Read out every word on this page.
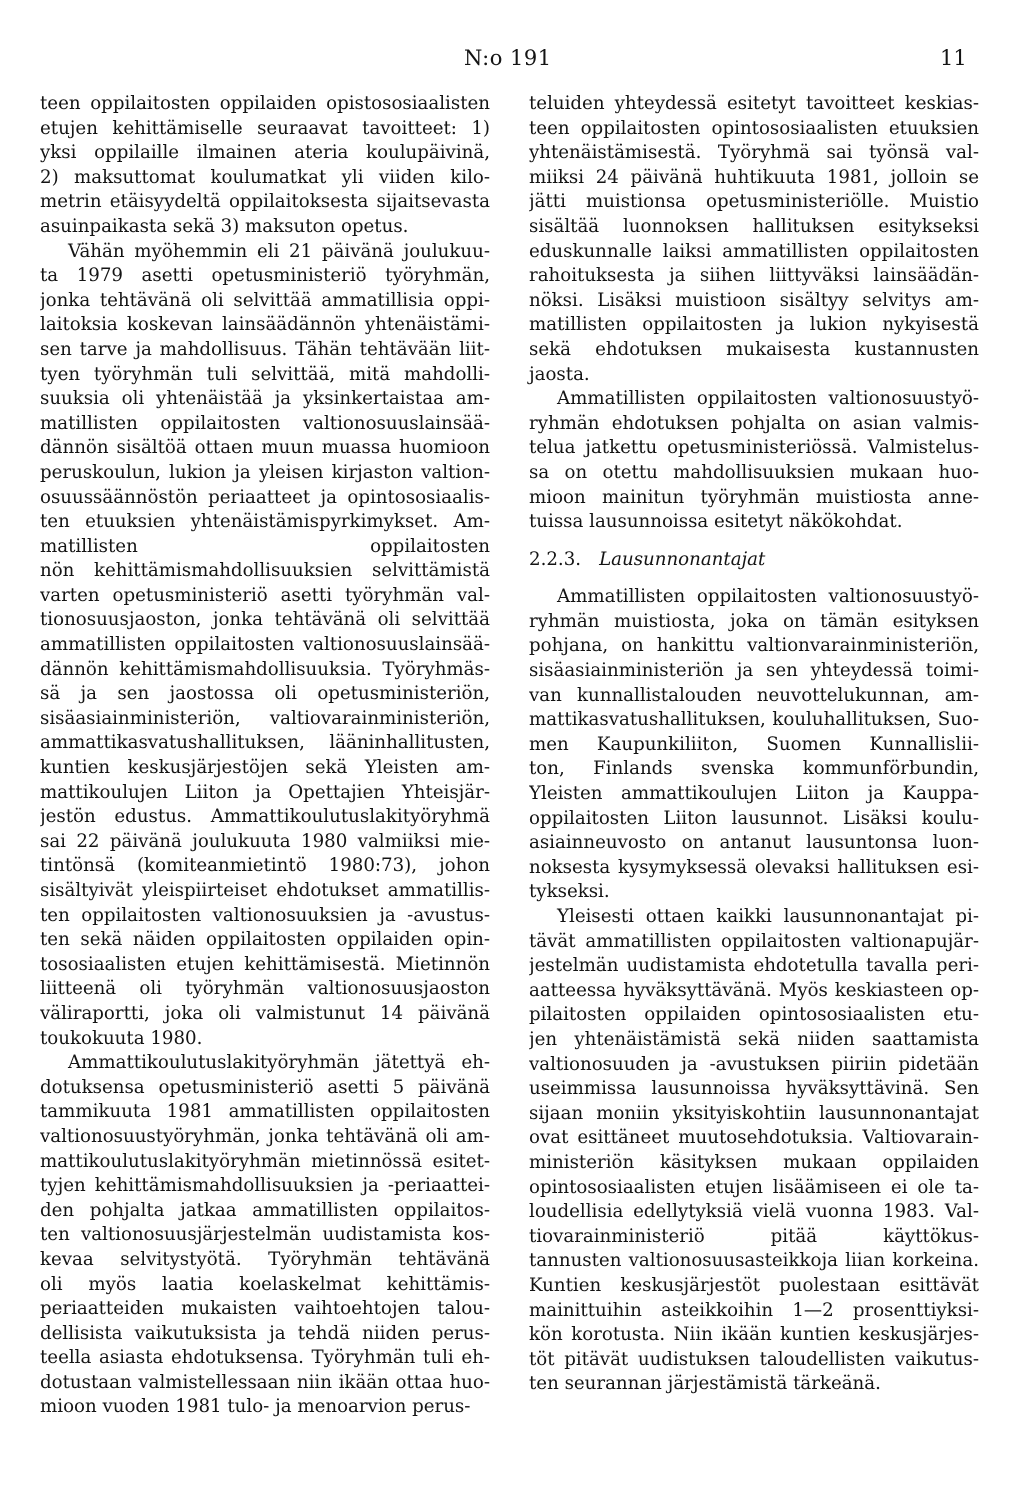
N:o 191	11
teen oppilaitosten oppilaiden opistososiaalisten
etujen kehittämiselle seuraavat tavoitteet: 1)
yksi oppilaille ilmainen ateria koulupäivinä,
2) maksuttomat koulumatkat yli viiden kilo-
metrin etäisyydeltä oppilaitoksesta sijaitsevasta
asuinpaikasta sekä 3) maksuton opetus.
Vähän myöhemmin eli 21 päivänä joulukuu-
ta 1979 asetti opetusministeriö työryhmän,
jonka tehtävänä oli selvittää ammatillisia oppi-
laitoksia koskevan lainsäädännön yhtenäistämi-
sen tarve ja mahdollisuus. Tähän tehtävään liit-
tyen työryhmän tuli selvittää, mitä mahdolli-
suuksia oli yhtenäistää ja yksinkertaistaa am-
matillisten oppilaitosten valtionosuuslainsää-
dännön sisältöä ottaen muun muassa huomioon
peruskoulun, lukion ja yleisen kirjaston valtion-
osuussäännöstön periaatteet ja opintososiaalis-
ten etuuksien yhtenäistämispyrkimykset. Am-
matillisten oppilaitosten
nön kehittämismahdollisuuksien selvittämistä
varten opetusministeriö asetti työryhmän val-
tionosuusjaoston, jonka tehtävänä oli selvittää
ammatillisten oppilaitosten valtionosuuslainsää-
dännön kehittämismahdollisuuksia. Työryhmäs-
sä ja sen jaostossa oli opetusministeriön,
sisäasiainministeriön, valtiovarainministeriön,
ammattikasvatushallituksen, lääninhallitusten,
kuntien keskusjärjestöjen sekä Yleisten am-
mattikoulujen Liiton ja Opettajien Yhteisjär-
jestön edustus. Ammattikoulutuslakityöryhmä
sai 22 päivänä joulukuuta 1980 valmiiksi mie-
tintönsä (komiteanmietintö 1980:73), johon
sisältyivät yleispiirteiset ehdotukset ammatillis-
ten oppilaitosten valtionosuuksien ja -avustus-
ten sekä näiden oppilaitosten oppilaiden opin-
tososiaalisten etujen kehittämisestä. Mietinnön
liitteenä oli työryhmän valtionosuusjaoston
väliraportti, joka oli valmistunut 14 päivänä
toukokuuta 1980.
Ammattikoulutuslakityöryhmän jätettyä eh-
dotuksensa opetusministeriö asetti 5 päivänä
tammikuuta 1981 ammatillisten oppilaitosten
valtionosuustyöryhmän, jonka tehtävänä oli am-
mattikoulutuslakityöryhmän mietinnössä esitet-
tyjen kehittämismahdollisuuksien ja -periaattei-
den pohjalta jatkaa ammatillisten oppilaitos-
ten valtionosuusjärjestelmän uudistamista kos-
kevaa selvitystyötä. Työryhmän tehtävänä
oli myös laatia koelaskelmat kehittämis-
periaatteiden mukaisten vaihtoehtojen talou-
dellisista vaikutuksista ja tehdä niiden perus-
teella asiasta ehdotuksensa. Työryhmän tuli eh-
dotustaan valmistellessaan niin ikään ottaa huo-
mioon vuoden 1981 tulo- ja menoarvion perus-
teluiden yhteydessä esitetyt tavoitteet keskias-
teen oppilaitosten opintososiaalisten etuuksien
yhtenäistämisestä. Työryhmä sai työnsä val-
miiksi 24 päivänä huhtikuuta 1981, jolloin se
jätti muistionsa opetusministeriölle. Muistio
sisältää luonnoksen hallituksen esitykseksi
eduskunnalle laiksi ammatillisten oppilaitosten
rahoituksesta ja siihen liittyväksi lainsäädän-
nöksi. Lisäksi muistioon sisältyy selvitys am-
matillisten oppilaitosten ja lukion nykyisestä
sekä ehdotuksen mukaisesta kustannusten
jaosta.
Ammatillisten oppilaitosten valtionosuustyö-
ryhmän ehdotuksen pohjalta on asian valmis-
telua jatkettu opetusministeriössä. Valmistelus-
sa on otettu mahdollisuuksien mukaan huo-
mioon mainitun työryhmän muistiosta anne-
tuissa lausunnoissa esitetyt näkökohdat.
2.2.3. Lausunnonantajat
Ammatillisten oppilaitosten valtionosuustyö-
ryhmän muistiosta, joka on tämän esityksen
pohjana, on hankittu valtionvarainministeriön,
sisäasiainministeriön ja sen yhteydessä toimi-
van kunnallistalouden neuvottelukunnan, am-
mattikasvatushallituksen, kouluhallituksen, Suo-
men Kaupunkiliiton, Suomen Kunnallislii-
ton, Finlands svenska kommunförbundin,
Yleisten ammattikoulujen Liiton ja Kauppa-
oppilaitosten Liiton lausunnot. Lisäksi koulu-
asiainneuvosto on antanut lausuntonsa luon-
noksesta kysymyksessä olevaksi hallituksen esi-
tykseksi.
Yleisesti ottaen kaikki lausunnonantajat pi-
tävät ammatillisten oppilaitosten valtionapujär-
jestelmän uudistamista ehdotetulla tavalla peri-
aatteessa hyväksyttävänä. Myös keskiasteen op-
pilaitosten oppilaiden opintososiaalisten etu-
jen yhtenäistämistä sekä niiden saattamista
valtionosuuden ja -avustuksen piiriin pidetään
useimmissa lausunnoissa hyväksyttävinä. Sen
sijaan moniin yksityiskohtiin lausunnonantajat
ovat esittäneet muutosehdotuksia. Valtiovarain-
ministeriön käsityksen mukaan oppilaiden
opintososiaalisten etujen lisäämiseen ei ole ta-
loudellisia edellytyksiä vielä vuonna 1983. Val-
tiovarainministeriö pitää käyttökus-
tannusten valtionosuusasteikkoja liian korkeina.
Kuntien keskusjärjestöt puolestaan esittävät
mainittuihin asteikkoihin 1—2 prosenttiyksi-
kön korotusta. Niin ikään kuntien keskusjärjes-
töt pitävät uudistuksen taloudellisten vaikutus-
ten seurannan järjestämistä tärkeänä.
